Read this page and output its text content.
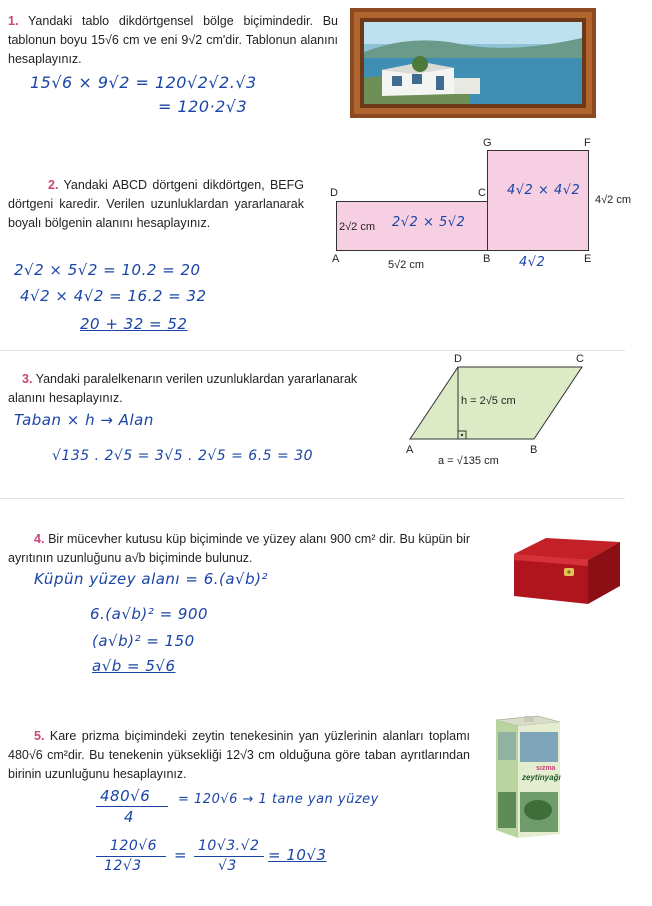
1. Yandaki tablo dikdörtgensel bölge biçimindedir. Bu tablonun boyu 15√6 cm ve eni 9√2 cm'dir. Tablonun alanını hesaplayınız.
15√6 × 9√2 = 120√2√2.√3
= 120·2√3
2. Yandaki ABCD dörtgeni dikdörtgen, BEFG dörtgeni karedir. Verilen uzunluklardan yararlanarak boyalı bölgenin alanını hesaplayınız.
G	F
D	C
A	B	E
2√2 cm
5√2 cm
4√2 cm
2√2 × 5√2
4√2 × 4√2
4√2
2√2 × 5√2 = 10.2 = 20
4√2 × 4√2 = 16.2 = 32
20 + 32 = 52
3. Yandaki paralelkenarın verilen uzunluklardan yararlanarak alanını hesaplayınız.
D	C
A	B
h = 2√5 cm
a = √135 cm
Taban × h → Alan
√135 . 2√5 = 3√5 . 2√5 = 6.5 = 30
4. Bir mücevher kutusu küp biçiminde ve yüzey alanı 900 cm² dir. Bu küpün bir ayrıtının uzunluğunu a√b biçiminde bulunuz.
Küpün yüzey alanı = 6.(a√b)²
6.(a√b)² = 900
(a√b)² = 150
a√b = 5√6
5. Kare prizma biçimindeki zeytin tenekesinin yan yüzlerinin alanları toplamı 480√6 cm²dir. Bu tenekenin yüksekliği 12√3 cm olduğuna göre taban ayrıtlarından birinin uzunluğunu hesaplayınız.	sızma
zeytinyağı
480√6
4
= 120√6 → 1 tane yan yüzey
120√6
12√3
= 10√3.√2
√3
= 10√3
